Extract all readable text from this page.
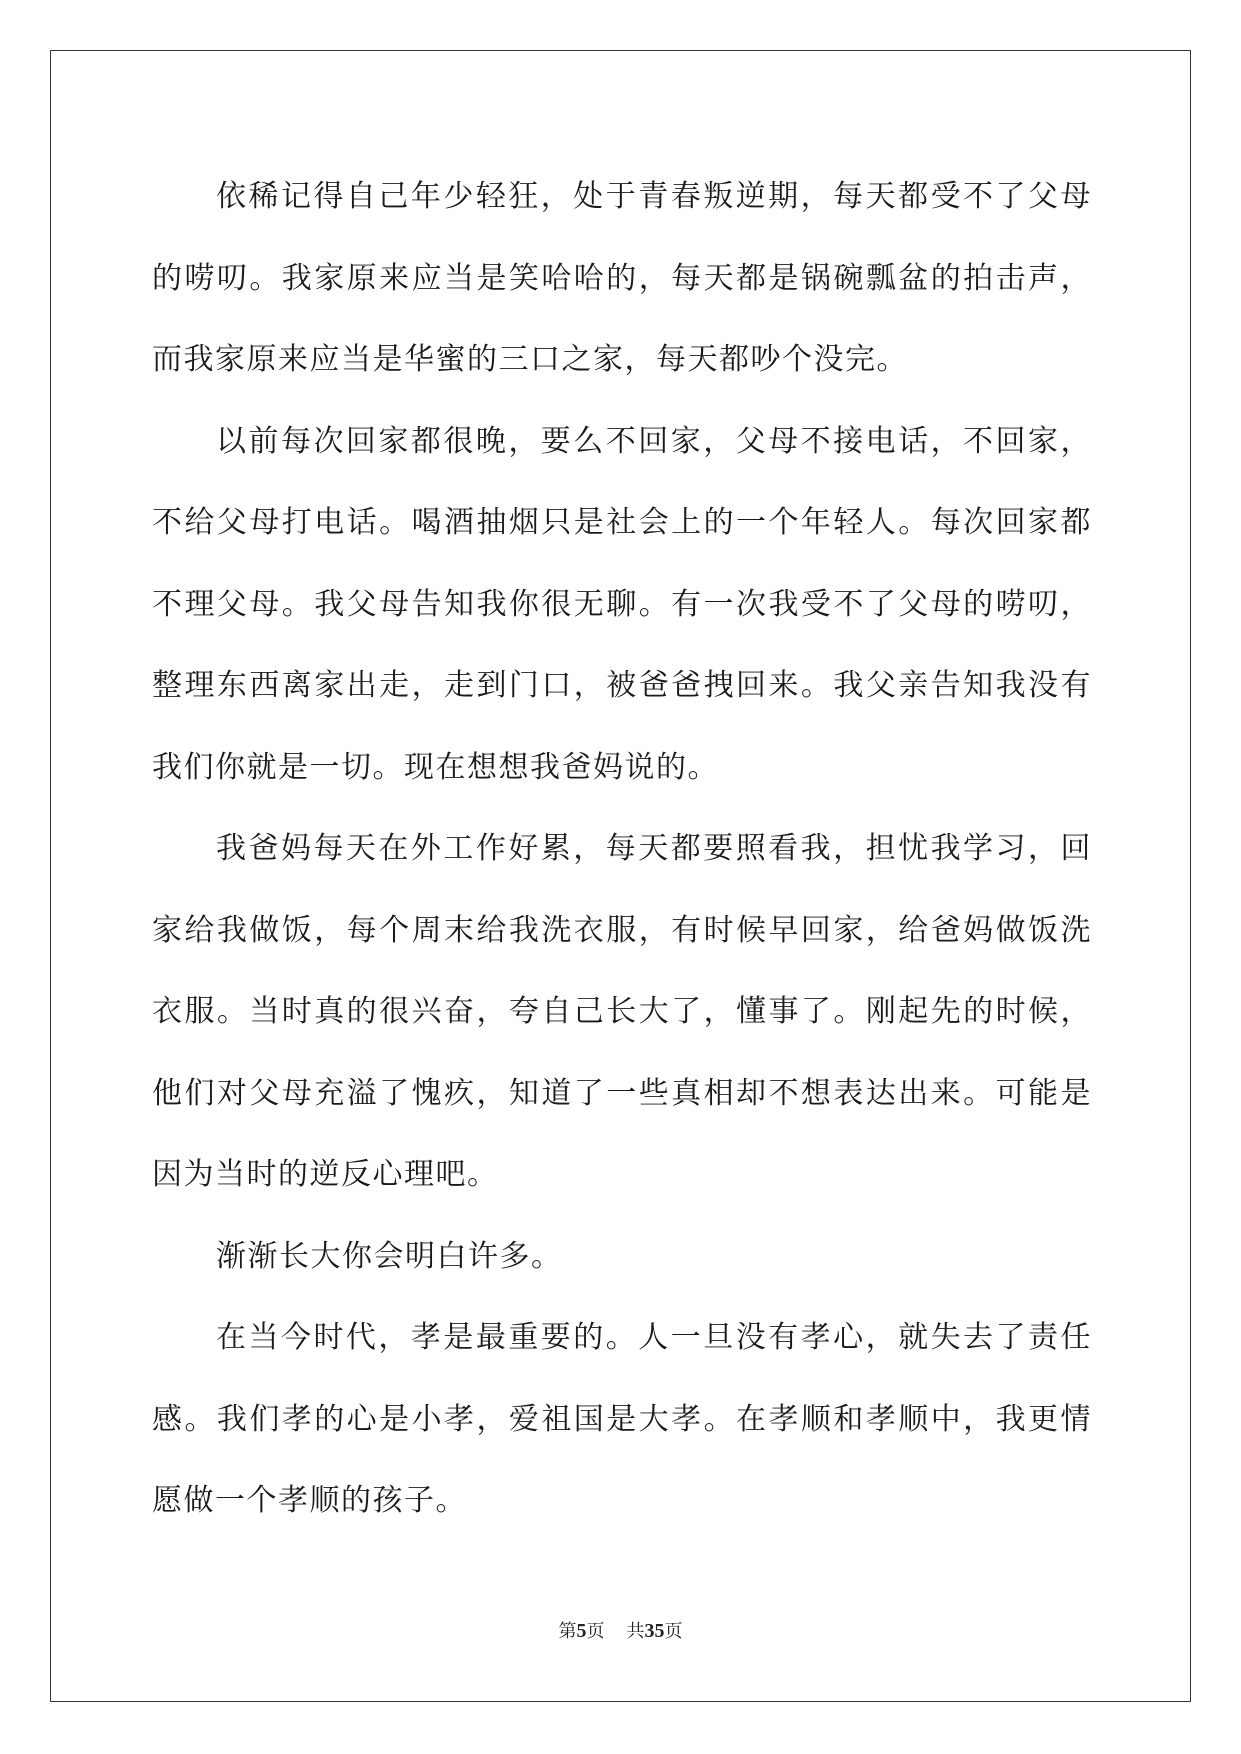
依稀记得自己年少轻狂，处于青春叛逆期，每天都受不了父母的唠叨。我家原来应当是笑哈哈的，每天都是锅碗瓢盆的拍击声，而我家原来应当是华蜜的三口之家，每天都吵个没完。

以前每次回家都很晚，要么不回家，父母不接电话，不回家，不给父母打电话。喝酒抽烟只是社会上的一个年轻人。每次回家都不理父母。我父母告知我你很无聊。有一次我受不了父母的唠叨，整理东西离家出走，走到门口，被爸爸拽回来。我父亲告知我没有我们你就是一切。现在想想我爸妈说的。

我爸妈每天在外工作好累，每天都要照看我，担忧我学习，回家给我做饭，每个周末给我洗衣服，有时候早回家，给爸妈做饭洗衣服。当时真的很兴奋，夸自己长大了，懂事了。刚起先的时候，他们对父母充溢了愧疚，知道了一些真相却不想表达出来。可能是因为当时的逆反心理吧。

渐渐长大你会明白许多。

在当今时代，孝是最重要的。人一旦没有孝心，就失去了责任感。我们孝的心是小孝，爱祖国是大孝。在孝顺和孝顺中，我更情愿做一个孝顺的孩子。

第5页 共35页
